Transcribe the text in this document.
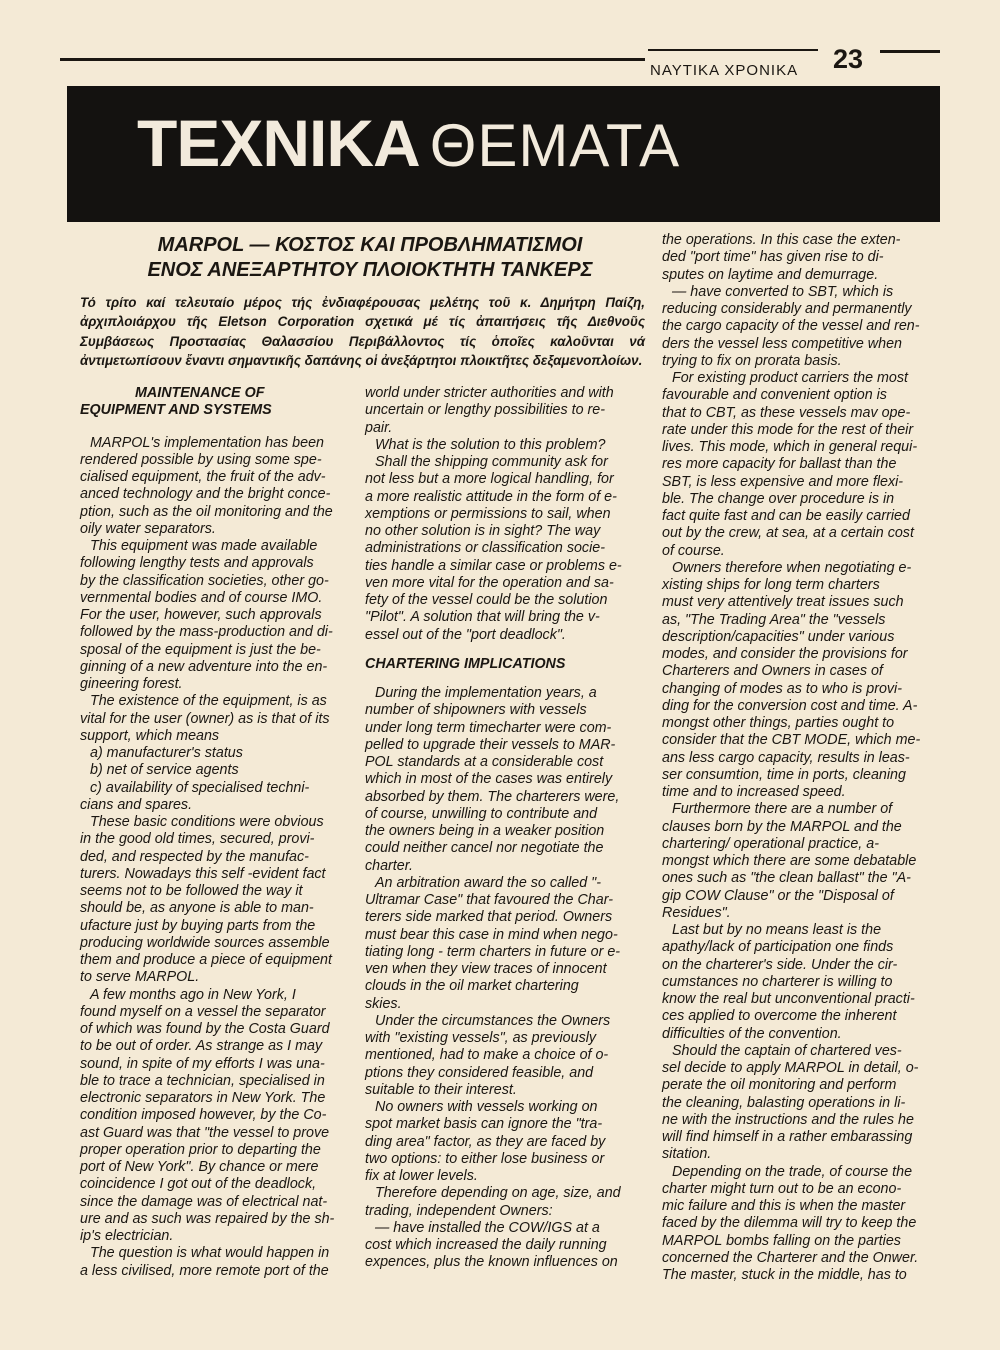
ΝΑΥΤΙΚΑ ΧΡΟΝΙΚΑ 23
ΤΕΧΝΙΚΑ ΘΕΜΑΤΑ
MARPOL — ΚΟΣΤΟΣ ΚΑΙ ΠΡΟΒΛΗΜΑΤΙΣΜΟΙ
ΕΝΟΣ ΑΝΕΞΑΡΤΗΤΟΥ ΠΛΟΙΟΚΤΗΤΗ ΤΑΝΚΕΡΣ

Τό τρίτο καί τελευταίο μέρος τής ἐνδιαφέρουσας μελέτης τοῦ κ. Δημήτρη Παίζη, ἀρχιπλοιάρχου τῆς Eletson Corporation σχετικά μέ τίς ἀπαιτήσεις τῆς Διεθνοῦς Συμβάσεως Προστασίας Θαλασσίου Περιβάλλοντος τίς ὁποῖες καλοῦνται νά ἀντιμετωπίσουν ἔναντι σημαντικῆς δαπάνης οἱ ἀνεξάρτητοι πλοικτῆτες δεξαμενοπλοίων.

MAINTENANCE OF

EQUIPMENT AND SYSTEMS

MARPOL's implementation has been

rendered possible by using some spe-

cialised equipment, the fruit of the adv-

anced technology and the bright conce-

ption, such as the oil monitoring and the

oily water separators.

This equipment was made available

following lengthy tests and approvals

by the classification societies, other go-

vernmental bodies and of course IMO.

For the user, however, such approvals

followed by the mass-production and di-

sposal of the equipment is just the be-

ginning of a new adventure into the en-

gineering forest.

The existence of the equipment, is as

vital for the user (owner) as is that of its

support, which means

a) manufacturer's status

b) net of service agents

c) availability of specialised techni-

cians and spares.

These basic conditions were obvious

in the good old times, secured, provi-

ded, and respected by the manufac-

turers. Nowadays this self -evident fact

seems not to be followed the way it

should be, as anyone is able to man-

ufacture just by buying parts from the

producing worldwide sources assemble

them and produce a piece of equipment

to serve MARPOL.

A few months ago in New York, I

found myself on a vessel the separator

of which was found by the Costa Guard

to be out of order. As strange as I may

sound, in spite of my efforts I was una-

ble to trace a technician, specialised in

electronic separators in New York. The

condition imposed however, by the Co-

ast Guard was that "the vessel to prove

proper operation prior to departing the

port of New York". By chance or mere

coincidence I got out of the deadlock,

since the damage was of electrical nat-

ure and as such was repaired by the sh-

ip's electrician.

The question is what would happen in

a less civilised, more remote port of the

world under stricter authorities and with

uncertain or lengthy possibilities to re-

pair.

What is the solution to this problem?

Shall the shipping community ask for

not less but a more logical handling, for

a more realistic attitude in the form of e-

xemptions or permissions to sail, when

no other solution is in sight? The way

administrations or classification socie-

ties handle a similar case or problems e-

ven more vital for the operation and sa-

fety of the vessel could be the solution

"Pilot". A solution that will bring the v-

essel out of the "port deadlock".

CHARTERING IMPLICATIONS

During the implementation years, a

number of shipowners with vessels

under long term timecharter were com-

pelled to upgrade their vessels to MAR-

POL standards at a considerable cost

which in most of the cases was entirely

absorbed by them. The charterers were,

of course, unwilling to contribute and

the owners being in a weaker position

could neither cancel nor negotiate the

charter.

An arbitration award the so called "-

Ultramar Case" that favoured the Char-

terers side marked that period. Owners

must bear this case in mind when nego-

tiating long - term charters in future or e-

ven when they view traces of innocent

clouds in the oil market chartering

skies.

Under the circumstances the Owners

with "existing vessels", as previously

mentioned, had to make a choice of o-

ptions they considered feasible, and

suitable to their interest.

No owners with vessels working on

spot market basis can ignore the "tra-

ding area" factor, as they are faced by

two options: to either lose business or

fix at lower levels.

Therefore depending on age, size, and

trading, independent Owners:

— have installed the COW/IGS at a

cost which increased the daily running

expences, plus the known influences on

the operations. In this case the exten-

ded "port time" has given rise to di-

sputes on laytime and demurrage.

— have converted to SBT, which is

reducing considerably and permanently

the cargo capacity of the vessel and ren-

ders the vessel less competitive when

trying to fix on prorata basis.

For existing product carriers the most

favourable and convenient option is

that to CBT, as these vessels mav ope-

rate under this mode for the rest of their

lives. This mode, which in general requi-

res more capacity for ballast than the

SBT, is less expensive and more flexi-

ble. The change over procedure is in

fact quite fast and can be easily carried

out by the crew, at sea, at a certain cost

of course.

Owners therefore when negotiating e-

xisting ships for long term charters

must very attentively treat issues such

as, "The Trading Area" the "vessels

description/capacities" under various

modes, and consider the provisions for

Charterers and Owners in cases of

changing of modes as to who is provi-

ding for the conversion cost and time. A-

mongst other things, parties ought to

consider that the CBT MODE, which me-

ans less cargo capacity, results in leas-

ser consumtion, time in ports, cleaning

time and to increased speed.

Furthermore there are a number of

clauses born by the MARPOL and the

chartering/ operational practice, a-

mongst which there are some debatable

ones such as "the clean ballast" the "A-

gip COW Clause" or the "Disposal of

Residues".

Last but by no means least is the

apathy/lack of participation one finds

on the charterer's side. Under the cir-

cumstances no charterer is willing to

know the real but unconventional practi-

ces applied to overcome the inherent

difficulties of the convention.

Should the captain of chartered ves-

sel decide to apply MARPOL in detail, o-

perate the oil monitoring and perform

the cleaning, balasting operations in li-

ne with the instructions and the rules he

will find himself in a rather embarassing

sitation.

Depending on the trade, of course the

charter might turn out to be an econo-

mic failure and this is when the master

faced by the dilemma will try to keep the

MARPOL bombs falling on the parties

concerned the Charterer and the Onwer.

The master, stuck in the middle, has to
